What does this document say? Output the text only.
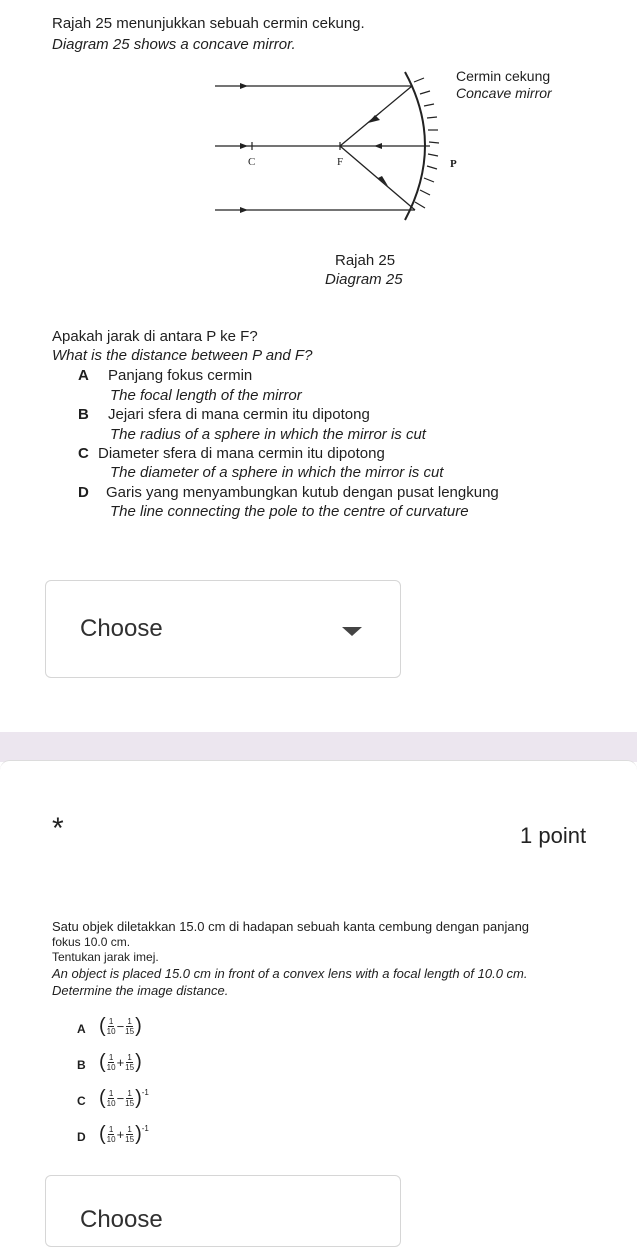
Rajah 25 menunjukkan sebuah cermin cekung.
Diagram 25 shows a concave mirror.
Cermin cekung
Concave mirror
C	F	P
Rajah 25
Diagram 25
Apakah jarak di antara P ke F?
What is the distance between P and F?
A Panjang fokus cermin
The focal length of the mirror
B Jejari sfera di mana cermin itu dipotong
The radius of a sphere in which the mirror is cut
C Diameter sfera di mana cermin itu dipotong
The diameter of a sphere in which the mirror is cut
D Garis yang menyambungkan kutub dengan pusat lengkung
The line connecting the pole to the centre of curvature
Choose
*	1 point
Satu objek diletakkan 15.0 cm di hadapan sebuah kanta cembung dengan panjang
fokus 10.0 cm.
Tentukan jarak imej.
An object is placed 15.0 cm in front of a convex lens with a focal length of 10.0 cm.
Determine the image distance.
A ( $\frac{1}{10} - \frac{1}{15}$ )
B ( $\frac{1}{10} + \frac{1}{15}$ )
C ( $\frac{1}{10} - \frac{1}{15}$ ) -1
D ( $\frac{1}{10} + \frac{1}{15}$ ) -1
Choose
